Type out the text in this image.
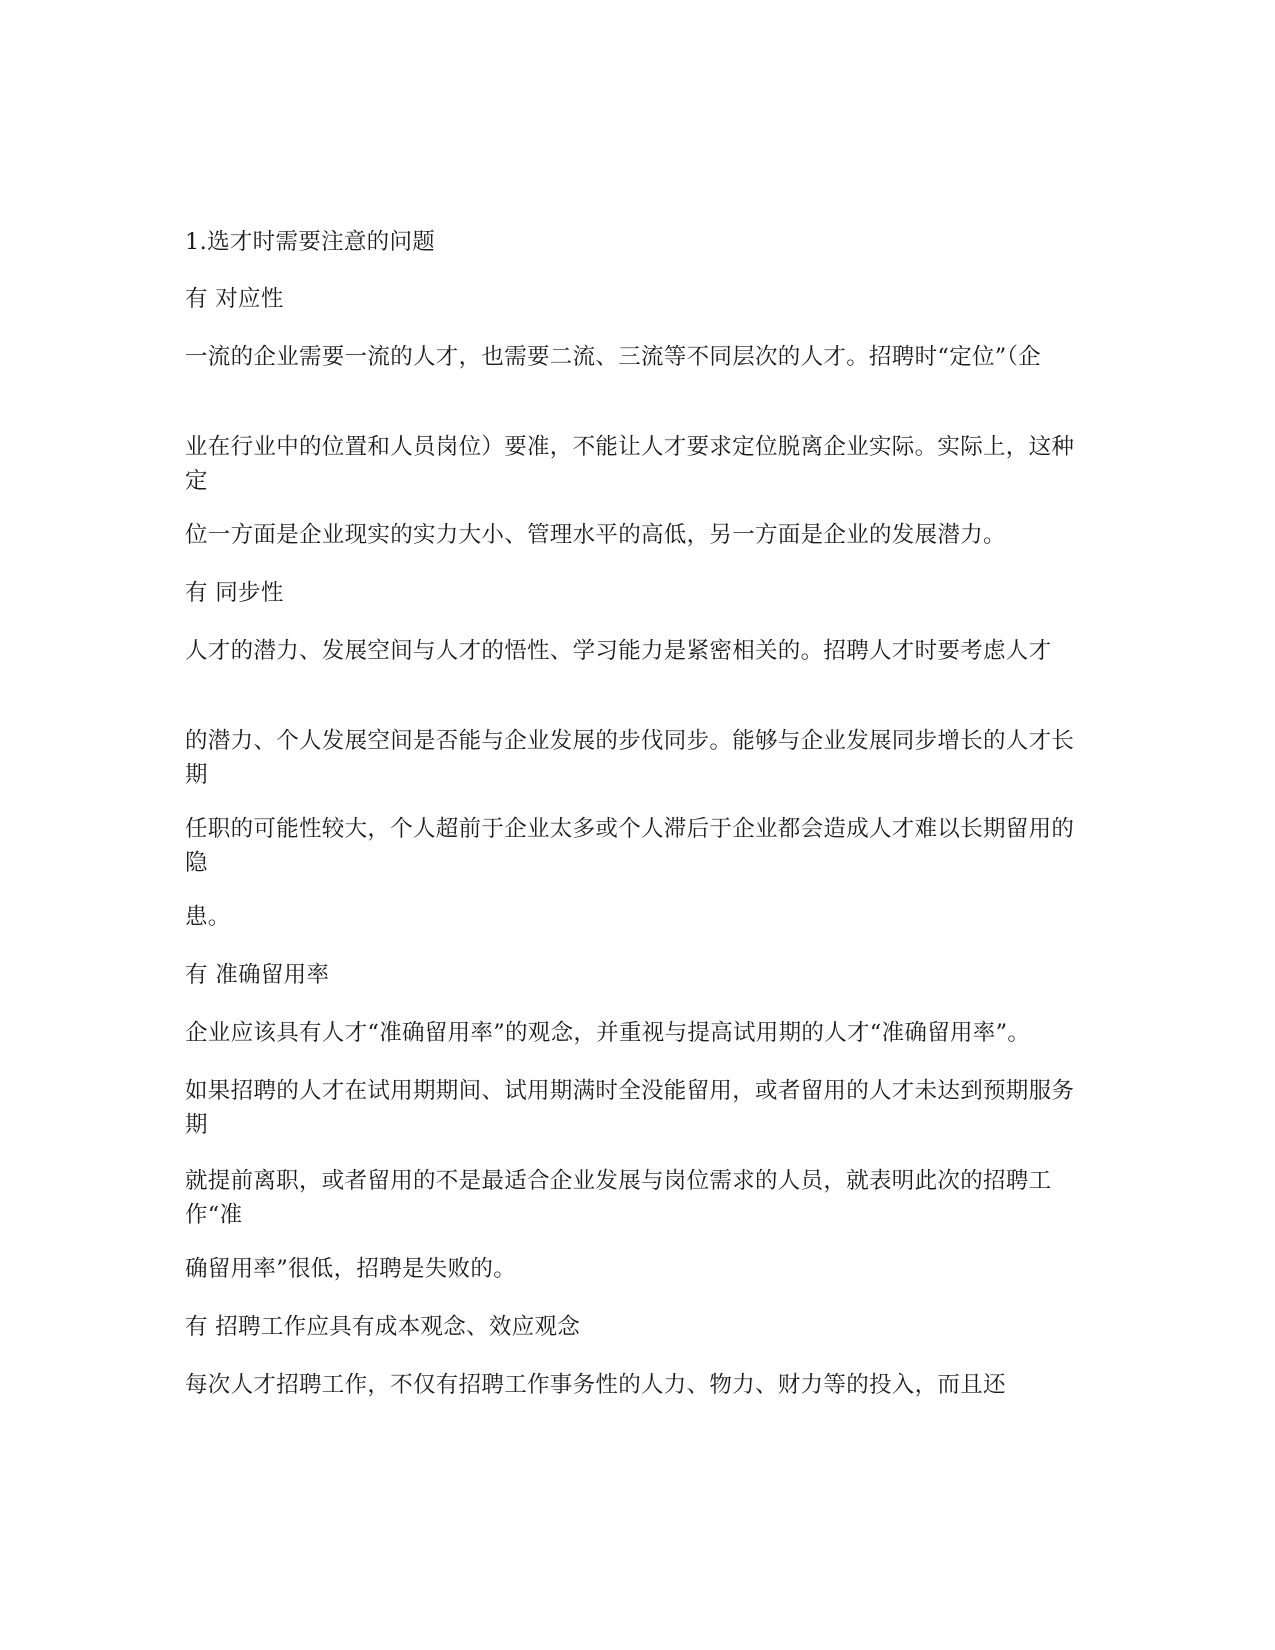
1.选才时需要注意的问题
有 对应性
一流的企业需要一流的人才，也需要二流、三流等不同层次的人才。招聘时“定位”（企
业在行业中的位置和人员岗位）要准，不能让人才要求定位脱离企业实际。实际上，这种定
位一方面是企业现实的实力大小、管理水平的高低，另一方面是企业的发展潜力。
有 同步性
人才的潜力、发展空间与人才的悟性、学习能力是紧密相关的。招聘人才时要考虑人才
的潜力、个人发展空间是否能与企业发展的步伐同步。能够与企业发展同步增长的人才长期
任职的可能性较大，个人超前于企业太多或个人滞后于企业都会造成人才难以长期留用的隐
患。
有 准确留用率
企业应该具有人才“准确留用率”的观念，并重视与提高试用期的人才“准确留用率”。
如果招聘的人才在试用期期间、试用期满时全没能留用，或者留用的人才未达到预期服务期
就提前离职，或者留用的不是最适合企业发展与岗位需求的人员，就表明此次的招聘工作“准
确留用率”很低，招聘是失败的。
有 招聘工作应具有成本观念、效应观念
每次人才招聘工作，不仅有招聘工作事务性的人力、物力、财力等的投入，而且还
